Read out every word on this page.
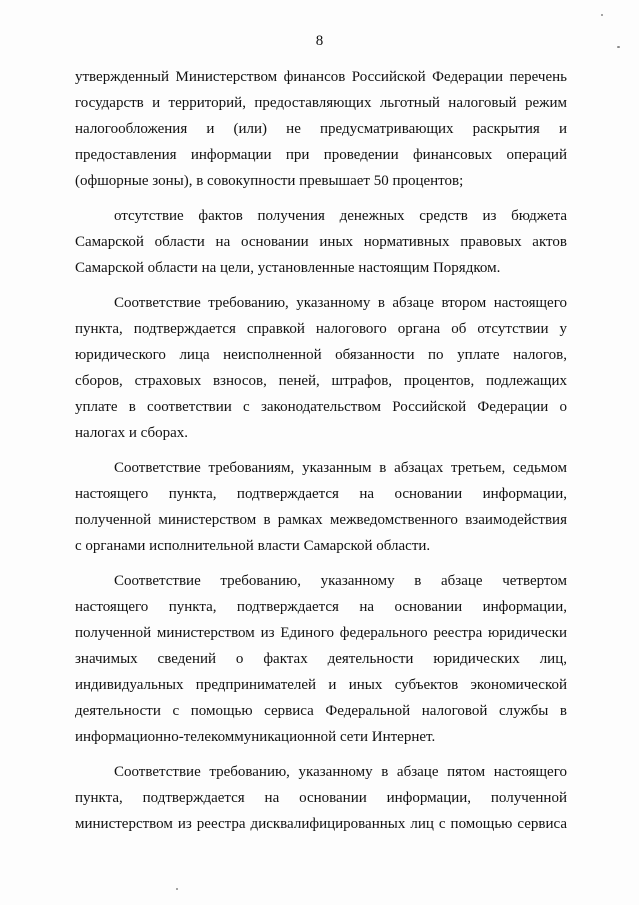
8
утвержденный Министерством финансов Российской Федерации перечень
государств и территорий, предоставляющих льготный налоговый режим
налогообложения и (или) не предусматривающих раскрытия и
предоставления информации при проведении финансовых операций
(офшорные зоны), в совокупности превышает 50 процентов;
отсутствие фактов получения денежных средств из бюджета
Самарской области на основании иных нормативных правовых актов
Самарской области на цели, установленные настоящим Порядком.
Соответствие требованию, указанному в абзаце втором настоящего
пункта, подтверждается справкой налогового органа об отсутствии у
юридического лица неисполненной обязанности по уплате налогов,
сборов, страховых взносов, пеней, штрафов, процентов, подлежащих
уплате в соответствии с законодательством Российской Федерации о
налогах и сборах.
Соответствие требованиям, указанным в абзацах третьем, седьмом
настоящего пункта, подтверждается на основании информации,
полученной министерством в рамках межведомственного взаимодействия
с органами исполнительной власти Самарской области.
Соответствие требованию, указанному в абзаце четвертом
настоящего пункта, подтверждается на основании информации,
полученной министерством из Единого федерального реестра юридически
значимых сведений о фактах деятельности юридических лиц,
индивидуальных предпринимателей и иных субъектов экономической
деятельности с помощью сервиса Федеральной налоговой службы в
информационно-телекоммуникационной сети Интернет.
Соответствие требованию, указанному в абзаце пятом настоящего
пункта, подтверждается на основании информации, полученной
министерством из реестра дисквалифицированных лиц с помощью сервиса
